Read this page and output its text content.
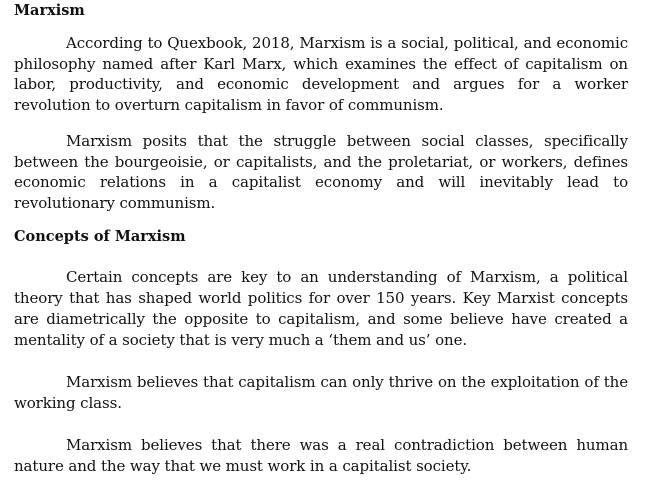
Marxism

According to Quexbook, 2018, Marxism is a social, political, and economic philosophy named after Karl Marx, which examines the effect of capitalism on labor, productivity, and economic development and argues for a worker revolution to overturn capitalism in favor of communism.

Marxism posits that the struggle between social classes, specifically between the bourgeoisie, or capitalists, and the proletariat, or workers, defines economic relations in a capitalist economy and will inevitably lead to revolutionary communism.

Concepts of Marxism

Certain concepts are key to an understanding of Marxism, a political theory that has shaped world politics for over 150 years. Key Marxist concepts are diametrically the opposite to capitalism, and some believe have created a mentality of a society that is very much a ‘them and us’ one.

Marxism believes that capitalism can only thrive on the exploitation of the working class.

Marxism believes that there was a real contradiction between human nature and the way that we must work in a capitalist society.
